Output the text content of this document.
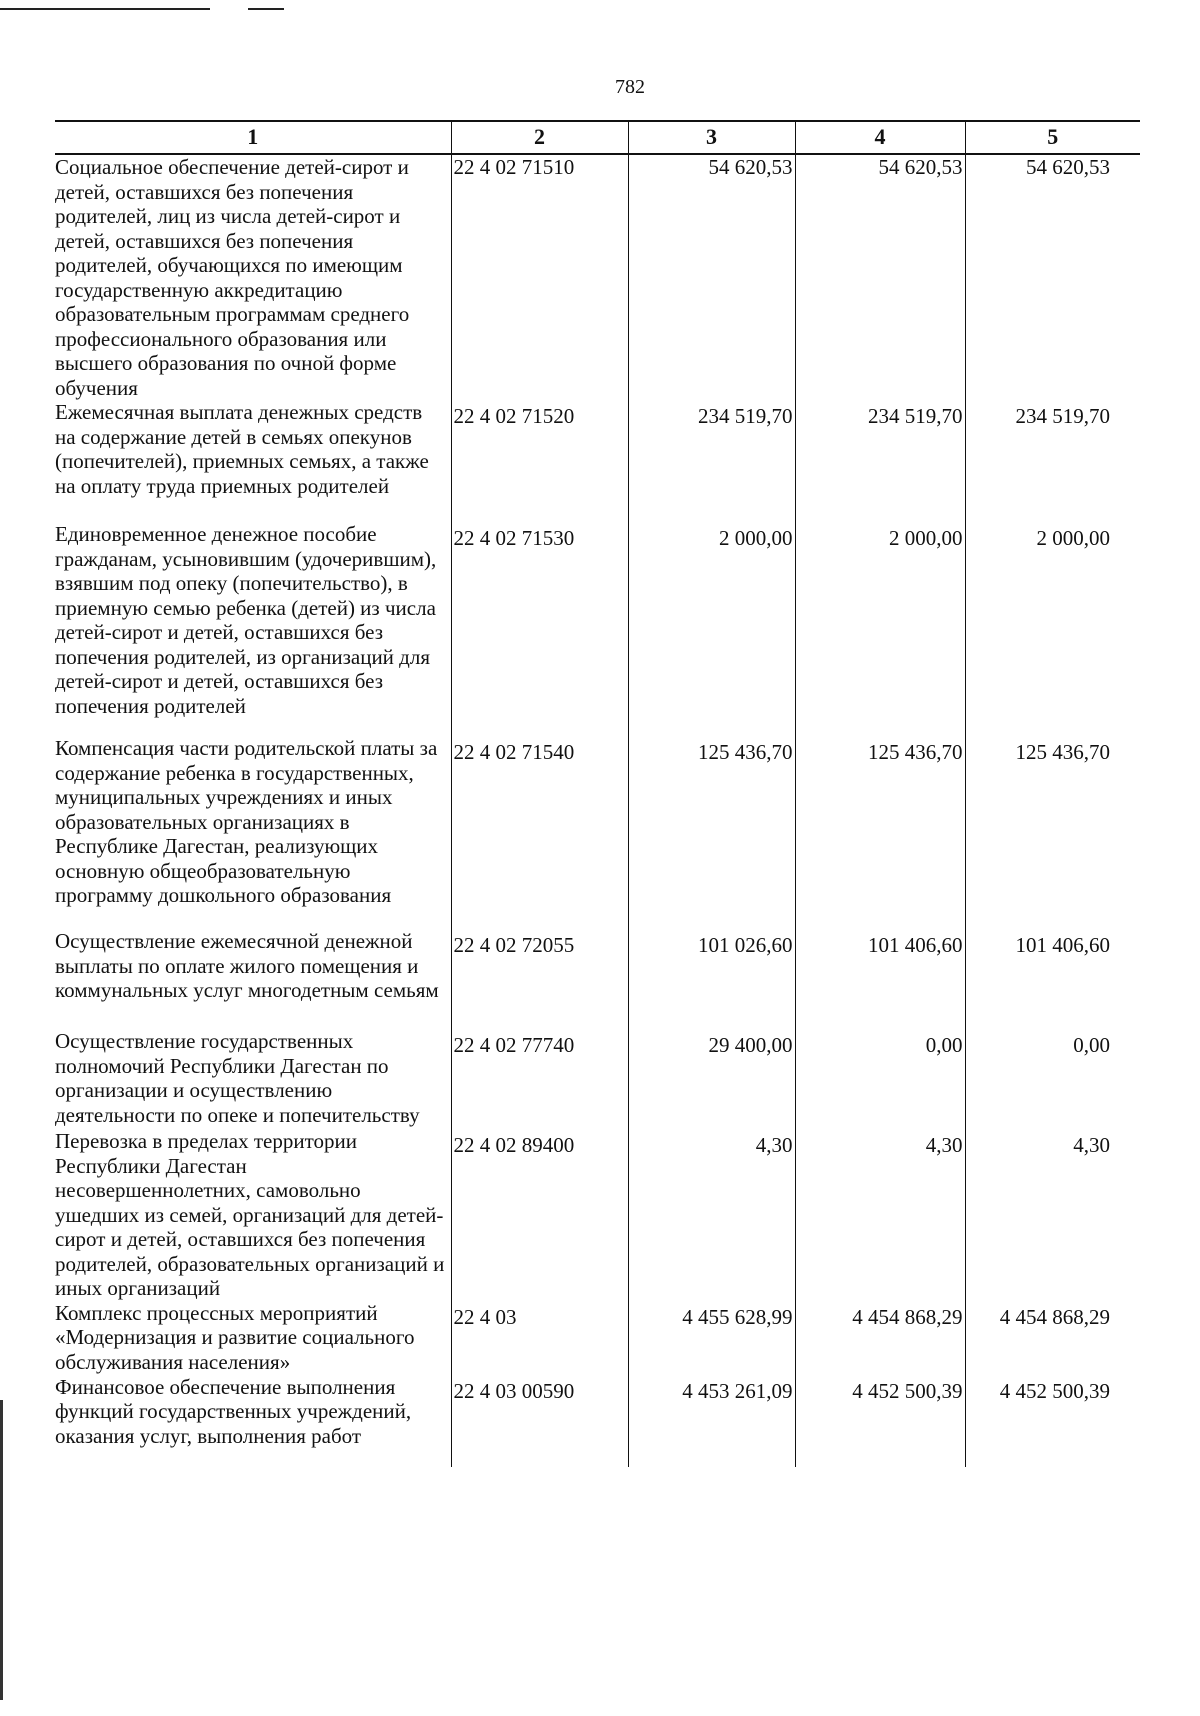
782
1	2	3	4	5
Социальное обеспечение детей-сирот и детей, оставшихся без попечения родителей, лиц из числа детей-сирот и детей, оставшихся без попечения родителей, обучающихся по имеющим государственную аккредитацию образовательным программам среднего профессионального образования или высшего образования по очной форме обучения	22 4 02 71510	54 620,53	54 620,53	54 620,53
Ежемесячная выплата денежных средств на содержание детей в семьях опекунов (попечителей), приемных семьях, а также на оплату труда приемных родителей	22 4 02 71520	234 519,70	234 519,70	234 519,70
Единовременное денежное пособие гражданам, усыновившим (удочерившим), взявшим под опеку (попечительство), в приемную семью ребенка (детей) из числа детей-сирот и детей, оставшихся без попечения родителей, из организаций для детей-сирот и детей, оставшихся без попечения родителей	22 4 02 71530	2 000,00	2 000,00	2 000,00
Компенсация части родительской платы за содержание ребенка в государственных, муниципальных учреждениях и иных образовательных организациях в Республике Дагестан, реализующих основную общеобразовательную программу дошкольного образования	22 4 02 71540	125 436,70	125 436,70	125 436,70
Осуществление ежемесячной денежной выплаты по оплате жилого помещения и коммунальных услуг многодетным семьям	22 4 02 72055	101 026,60	101 406,60	101 406,60
Осуществление государственных полномочий Республики Дагестан по организации и осуществлению деятельности по опеке и попечительству	22 4 02 77740	29 400,00	0,00	0,00
Перевозка в пределах территории Республики Дагестан несовершеннолетних, самовольно ушедших из семей, организаций для детей-сирот и детей, оставшихся без попечения родителей, образовательных организаций и иных организаций	22 4 02 89400	4,30	4,30	4,30
Комплекс процессных мероприятий «Модернизация и развитие социального обслуживания населения»	22 4 03	4 455 628,99	4 454 868,29	4 454 868,29
Финансовое обеспечение выполнения функций государственных учреждений, оказания услуг, выполнения работ	22 4 03 00590	4 453 261,09	4 452 500,39	4 452 500,39
